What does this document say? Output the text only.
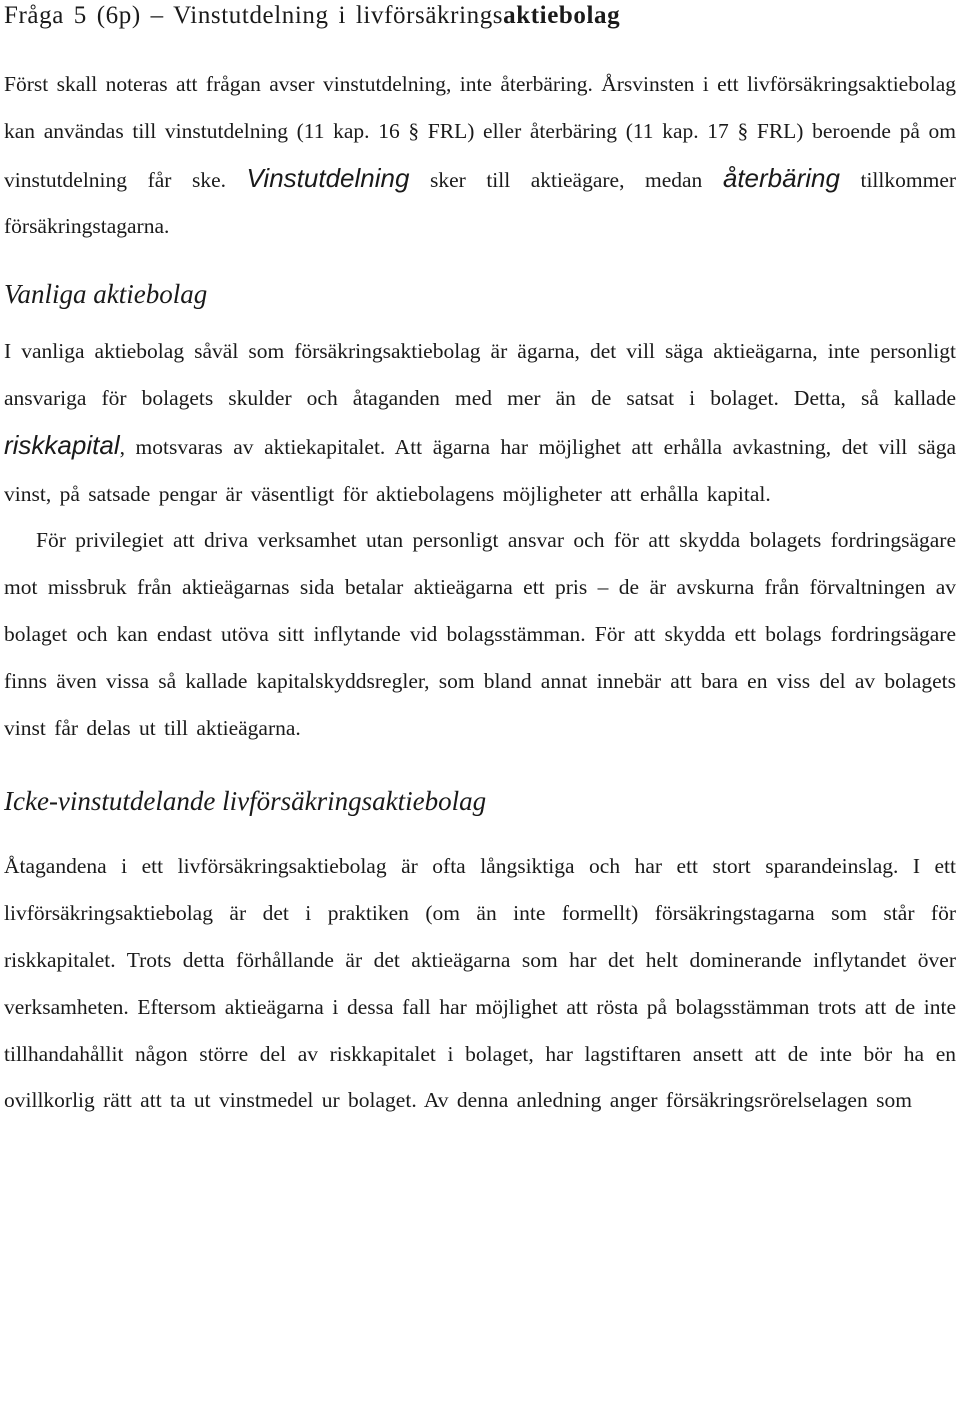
Fråga 5 (6p) – Vinstutdelning i livförsäkringsaktiebolag

Först skall noteras att frågan avser vinstutdelning, inte återbäring. Årsvinsten i ett livförsäkringsaktiebolag kan användas till vinstutdelning (11 kap. 16 § FRL) eller återbäring (11 kap. 17 § FRL) beroende på om vinstutdelning får ske. Vinstutdelning sker till aktieägare, medan återbäring tillkommer försäkringstagarna.

Vanliga aktiebolag

I vanliga aktiebolag såväl som försäkringsaktiebolag är ägarna, det vill säga aktieägarna, inte personligt ansvariga för bolagets skulder och åtaganden med mer än de satsat i bolaget. Detta, så kallade riskkapital, motsvaras av aktiekapitalet. Att ägarna har möjlighet att erhålla avkastning, det vill säga vinst, på satsade pengar är väsentligt för aktiebolagens möjligheter att erhålla kapital.

För privilegiet att driva verksamhet utan personligt ansvar och för att skydda bolagets fordringsägare mot missbruk från aktieägarnas sida betalar aktieägarna ett pris – de är avskurna från förvaltningen av bolaget och kan endast utöva sitt inflytande vid bolagsstämman. För att skydda ett bolags fordringsägare finns även vissa så kallade kapitalskyddsregler, som bland annat innebär att bara en viss del av bolagets vinst får delas ut till aktieägarna.

Icke-vinstutdelande livförsäkringsaktiebolag

Åtagandena i ett livförsäkringsaktiebolag är ofta långsiktiga och har ett stort sparandeinslag. I ett livförsäkringsaktiebolag är det i praktiken (om än inte formellt) försäkringstagarna som står för riskkapitalet. Trots detta förhållande är det aktieägarna som har det helt dominerande inflytandet över verksamheten. Eftersom aktieägarna i dessa fall har möjlighet att rösta på bolagsstämman trots att de inte tillhandahållit någon större del av riskkapitalet i bolaget, har lagstiftaren ansett att de inte bör ha en ovillkorlig rätt att ta ut vinstmedel ur bolaget. Av denna anledning anger försäkringsrörelselagen som
